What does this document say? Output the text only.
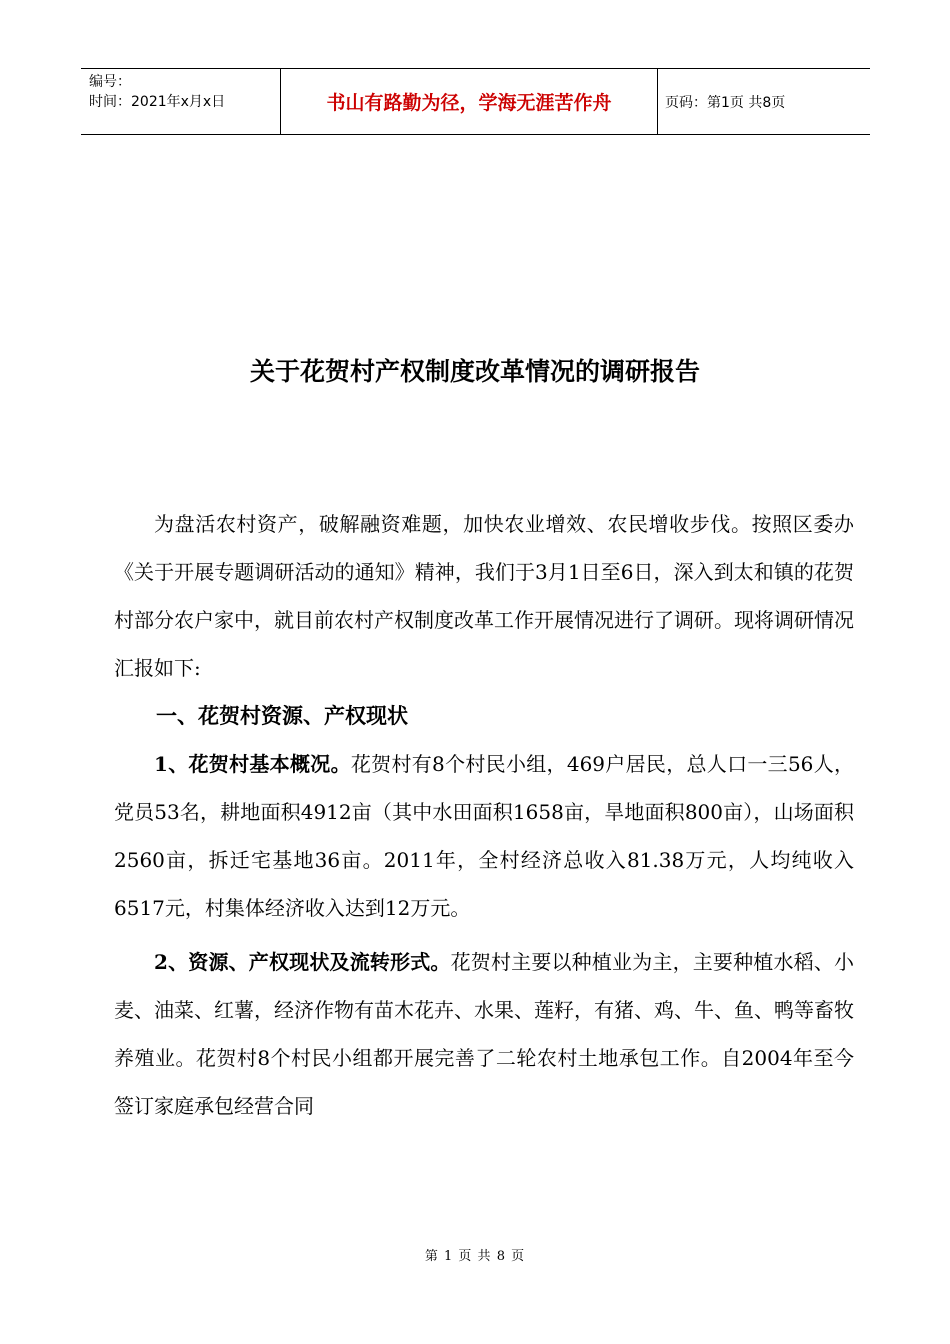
编号：
时间：2021年x月x日	书山有路勤为径，学海无涯苦作舟	页码：第1页 共8页
关于花贺村产权制度改革情况的调研报告

为盘活农村资产，破解融资难题，加快农业增效、农民增收步伐。按照区委办《关于开展专题调研活动的通知》精神，我们于3月1日至6日，深入到太和镇的花贺村部分农户家中，就目前农村产权制度改革工作开展情况进行了调研。现将调研情况汇报如下:

一、花贺村资源、产权现状

1、花贺村基本概况。花贺村有8个村民小组，469户居民，总人口一三56人，党员53名，耕地面积4912亩（其中水田面积1658亩，旱地面积800亩），山场面积2560亩，拆迁宅基地36亩。2011年，全村经济总收入81.38万元，人均纯收入6517元，村集体经济收入达到12万元。

2、资源、产权现状及流转形式。花贺村主要以种植业为主，主要种植水稻、小麦、油菜、红薯，经济作物有苗木花卉、水果、莲籽，有猪、鸡、牛、鱼、鸭等畜牧养殖业。花贺村8个村民小组都开展完善了二轮农村土地承包工作。自2004年至今签订家庭承包经营合同

第 1 页 共 8 页
